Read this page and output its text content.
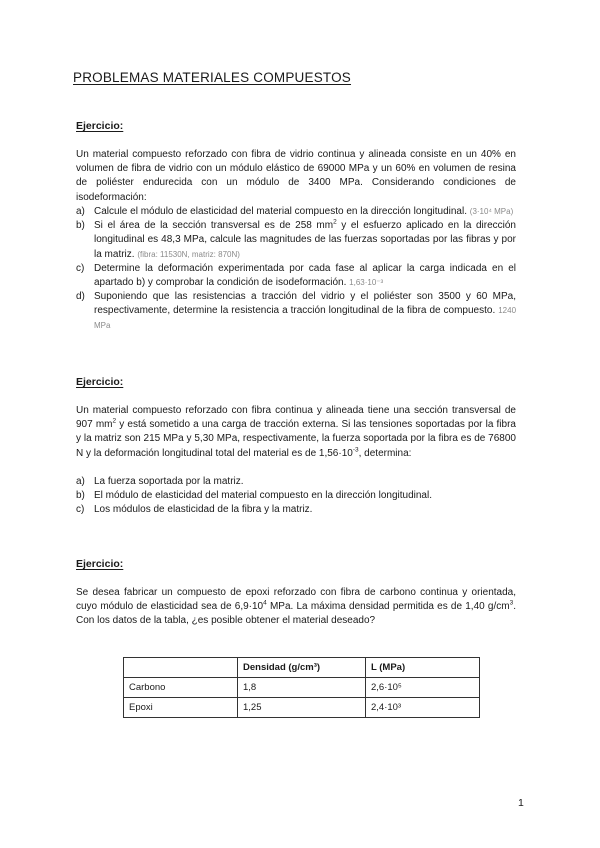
PROBLEMAS MATERIALES COMPUESTOS
Ejercicio:
Un material compuesto reforzado con fibra de vidrio continua y alineada consiste en un 40% en volumen de fibra de vidrio con un módulo elástico de 69000 MPa y un 60% en volumen de resina de poliéster endurecida con un módulo de 3400 MPa. Considerando condiciones de isodeformación:
a) Calcule el módulo de elasticidad del material compuesto en la dirección longitudinal. (3·10⁴ MPa)
b) Si el área de la sección transversal es de 258 $mm^2$ y el esfuerzo aplicado en la dirección longitudinal es 48,3 MPa, calcule las magnitudes de las fuerzas soportadas por las fibras y por la matriz. (fibra: 11530N, matriz: 870N)
c) Determine la deformación experimentada por cada fase al aplicar la carga indicada en el apartado b) y comprobar la condición de isodeformación. 1,63·10⁻³
d) Suponiendo que las resistencias a tracción del vidrio y el poliéster son 3500 y 60 MPa, respectivamente, determine la resistencia a tracción longitudinal de la fibra de compuesto. 1240 MPa
Ejercicio:
Un material compuesto reforzado con fibra continua y alineada tiene una sección transversal de 907 $mm^2$ y está sometido a una carga de tracción externa. Si las tensiones soportadas por la fibra y la matriz son 215 MPa y 5,30 MPa, respectivamente, la fuerza soportada por la fibra es de 76800 N y la deformación longitudinal total del material es de $1,56\cdot 10^{-3}$, determina:
a) La fuerza soportada por la matriz.
b) El módulo de elasticidad del material compuesto en la dirección longitudinal.
c) Los módulos de elasticidad de la fibra y la matriz.
Ejercicio:
Se desea fabricar un compuesto de epoxi reforzado con fibra de carbono continua y orientada, cuyo módulo de elasticidad sea de $6,9\cdot 10^4$ MPa. La máxima densidad permitida es de 1,40 $g/cm^3$. Con los datos de la tabla, ¿es posible obtener el material deseado?
	Densidad (g/cm³)	L (MPa)
Carbono	1,8	2,6·10⁵
Epoxi	1,25	2,4·10³
1
